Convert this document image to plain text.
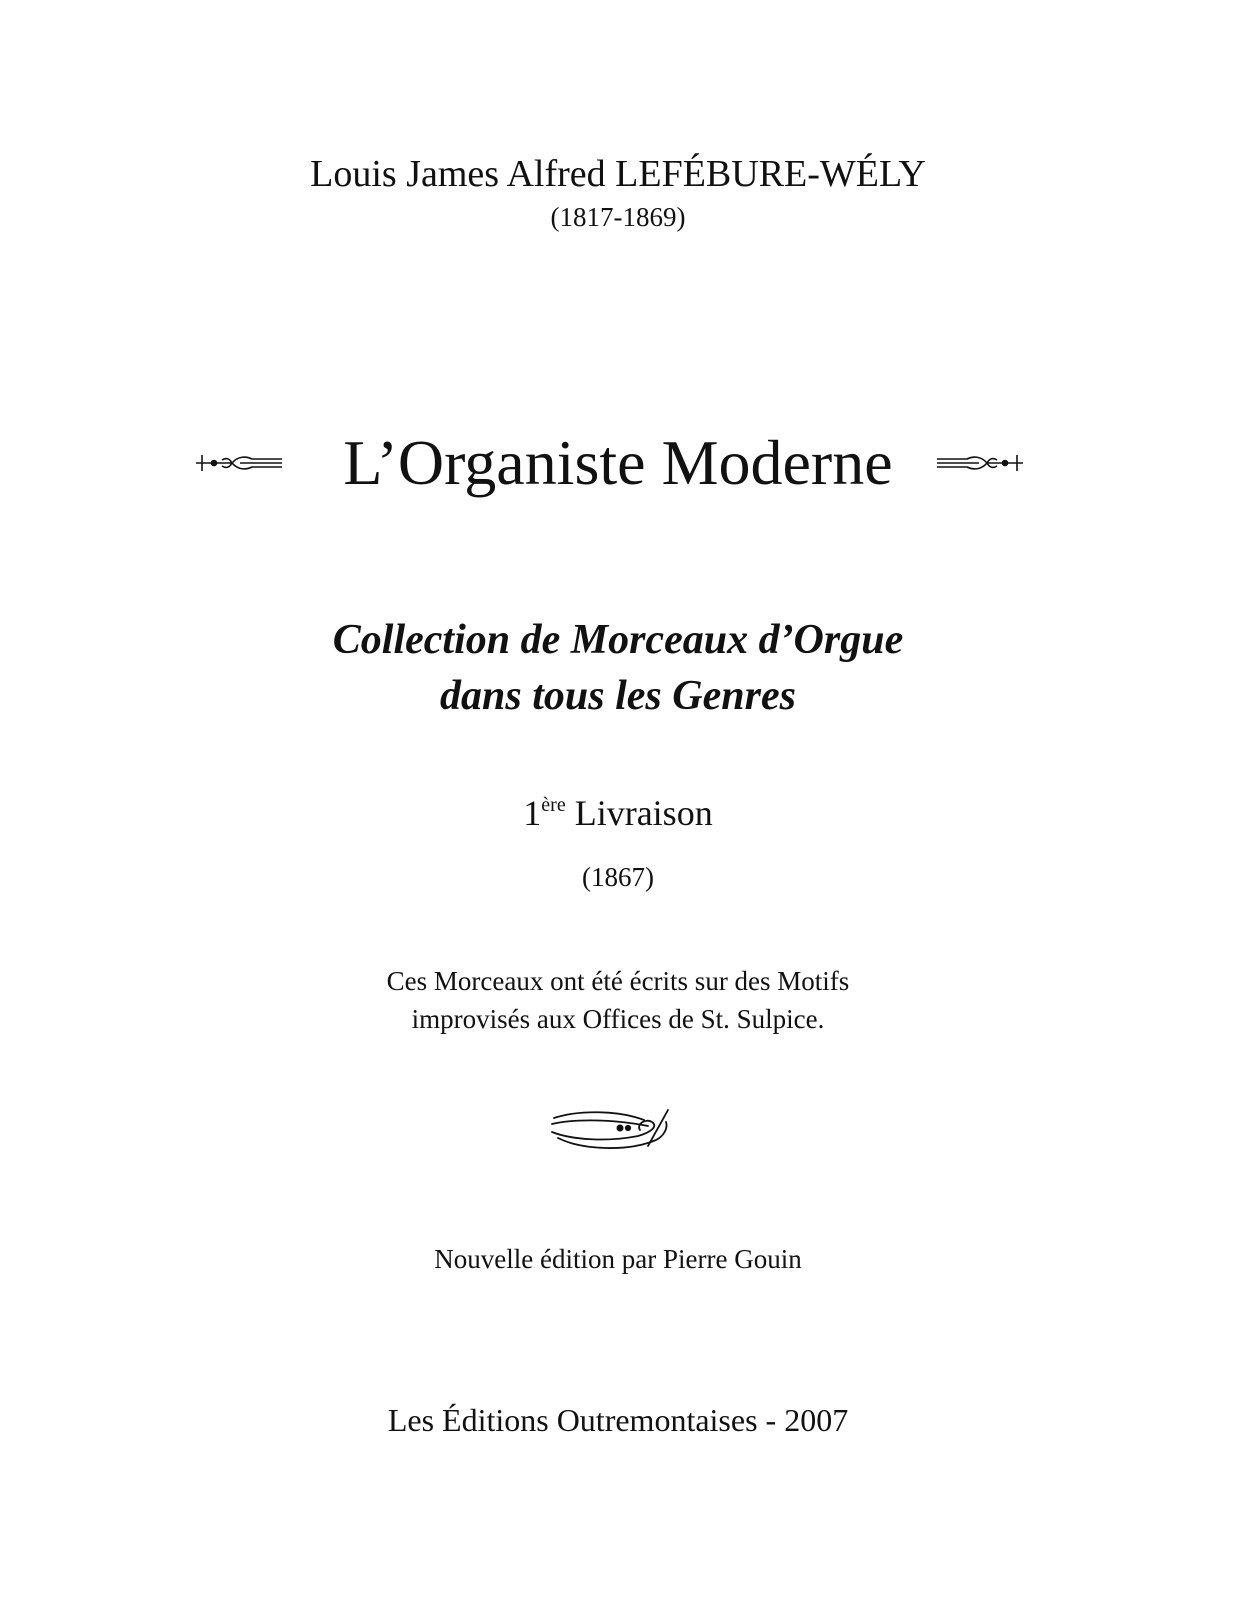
Louis James Alfred LEFÉBURE-WÉLY
(1817-1869)
L’Organiste Moderne
Collection de Morceaux d’Orgue
dans tous les Genres
1ère Livraison
(1867)
Ces Morceaux ont été écrits sur des Motifs
improvisés aux Offices de St. Sulpice.
Nouvelle édition par Pierre Gouin
Les Éditions Outremontaises - 2007
